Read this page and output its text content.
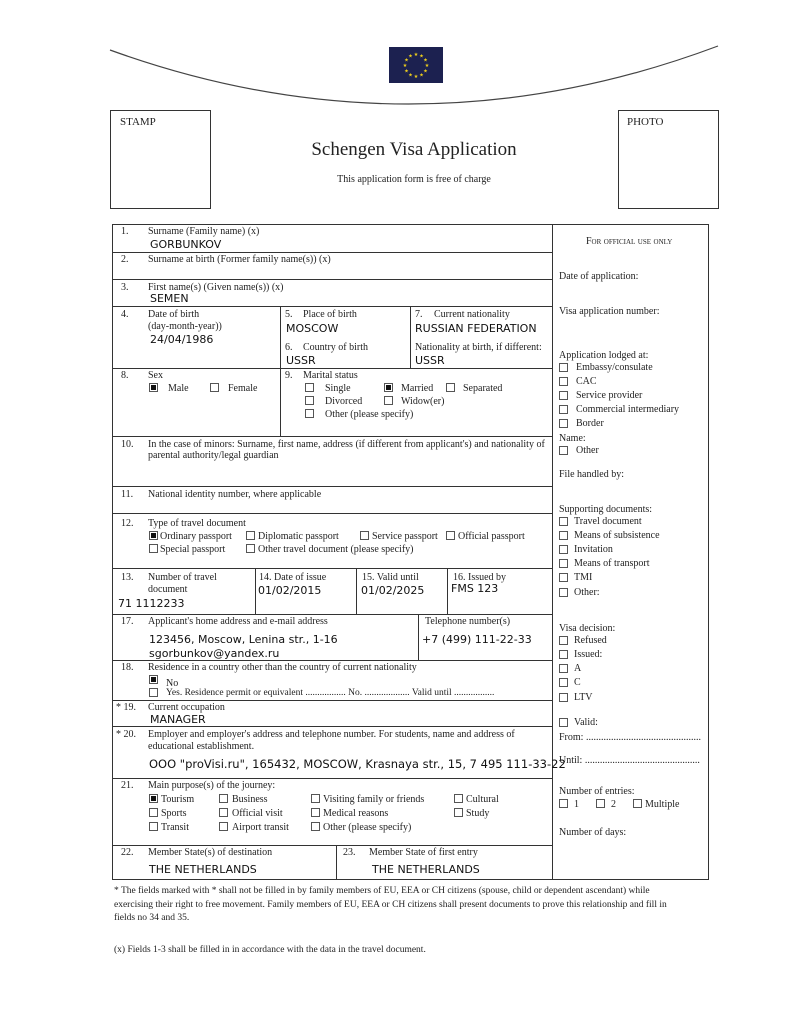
★ ★
★
★
★
★
★
★
★
★
★
★
STAMP	PHOTO
Schengen Visa Application
This application form is free of charge
1. Surname (Family name) (x)
GORBUNKOV
2. Surname at birth (Former family name(s)) (x)
3. First name(s) (Given name(s)) (x)
SEMEN
4. Date of birth
(day-month-year))
24/04/1986
5. Place of birth
MOSCOW
6. Country of birth
USSR
7. Current nationality
RUSSIAN FEDERATION
Nationality at birth, if different:
USSR
8. Sex
Male	Female
9. Marital status
Single	Married	Separated
Divorced	Widow(er)
Other (please specify)
10. In the case of minors: Surname, first name, address (if different from applicant's) and nationality of
parental authority/legal guardian
11. National identity number, where applicable
12. Type of travel document
Ordinary passport	Diplomatic passport	Service passport Official passport
Special passport	Other travel document (please specify)
13. Number of travel
document
71 1112233
14. Date of issue
01/02/2015
15. Valid until
01/02/2025
16. Issued by
FMS 123
17. Applicant's home address and e-mail address
123456, Moscow, Lenina str., 1-16
sgorbunkov@yandex.ru
Telephone number(s)
+7 (499) 111-22-33
18. Residence in a country other than the country of current nationality
No
Yes. Residence permit or equivalent ................. No. ................... Valid until .................
* 19. Current occupation
MANAGER
* 20. Employer and employer's address and telephone number. For students, name and address of
educational establishment.
OOO "proVisi.ru", 165432, MOSCOW, Krasnaya str., 15, 7 495 111-33-22
21. Main purpose(s) of the journey:
Tourism	Business	Visiting family or friends	Cultural
Sports	Official visit	Medical reasons	Study
Transit	Airport transit	Other (please specify)
22. Member State(s) of destination
THE NETHERLANDS
23. Member State of first entry
THE NETHERLANDS
For official use only
Date of application:
Visa application number:
Application lodged at:
Embassy/consulate
CAC
Service provider
Commercial intermediary
Border
Name:
Other
File handled by:
Supporting documents:
Travel document
Means of subsistence
Invitation
Means of transport
TMI
Other:
Visa decision:
Refused
Issued:
A
C
LTV
Valid:
From: ..............................................
Until: ..............................................
Number of entries:
1	2	Multiple
Number of days:
* The fields marked with * shall not be filled in by family members of EU, EEA or CH citizens (spouse, child or dependent ascendant) while
exercising their right to free movement. Family members of EU, EEA or CH citizens shall present documents to prove this relationship and fill in
fields no 34 and 35.
(x) Fields 1-3 shall be filled in in accordance with the data in the travel document.
